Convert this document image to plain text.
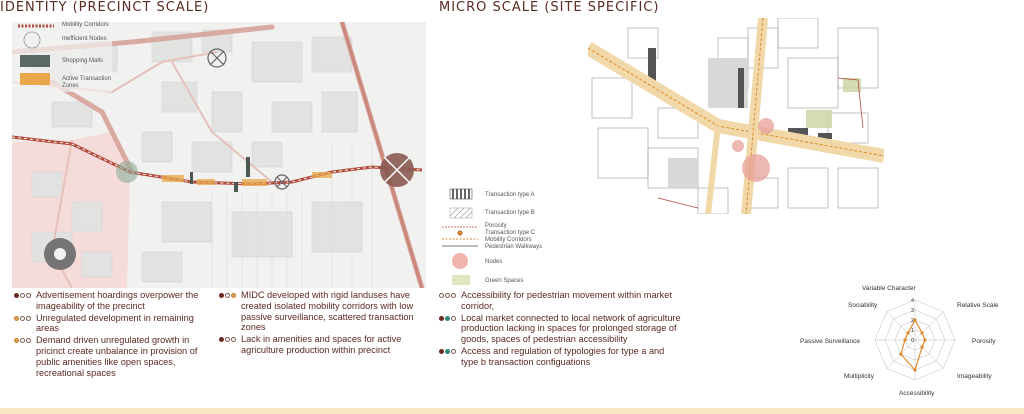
IDENTITY (PRECINCT SCALE)	MICRO SCALE (SITE SPECIFIC)
Mobility Corridors
Inefficient Nodes
Shopping Malls
Active Transaction Zones
Transaction type A
Transaction type B
Porosity
Transaction type C
Mobility Corridors
Pedestrian Walkways
Nodes
Green Spaces
Advertisement hoardings overpower the imageability of the precinct
Unregulated development in remaining areas
Demand driven unregulated growth in pricinct create unbalance in provision of public amenities like open spaces, recreational spaces
MIDC developed with rigid landuses have created isolated mobility corridors with low passive surveillance, scattered transaction zones
Lack in amenities and spaces for active agriculture production within precinct
Accessibility for pedestrian movement within market corridor,
Local market connected to local network of agriculture production lacking in spaces for prolonged storage of goods, spaces of pedestrian accessibility
Access and regulation of typologies for type a and type b transaction configuations
4
3
2
1
0
Variable Character
Relative Scale
Porosity
Imageability
Accessibility
Multiplicity
Passive Surveillance
Sociability
